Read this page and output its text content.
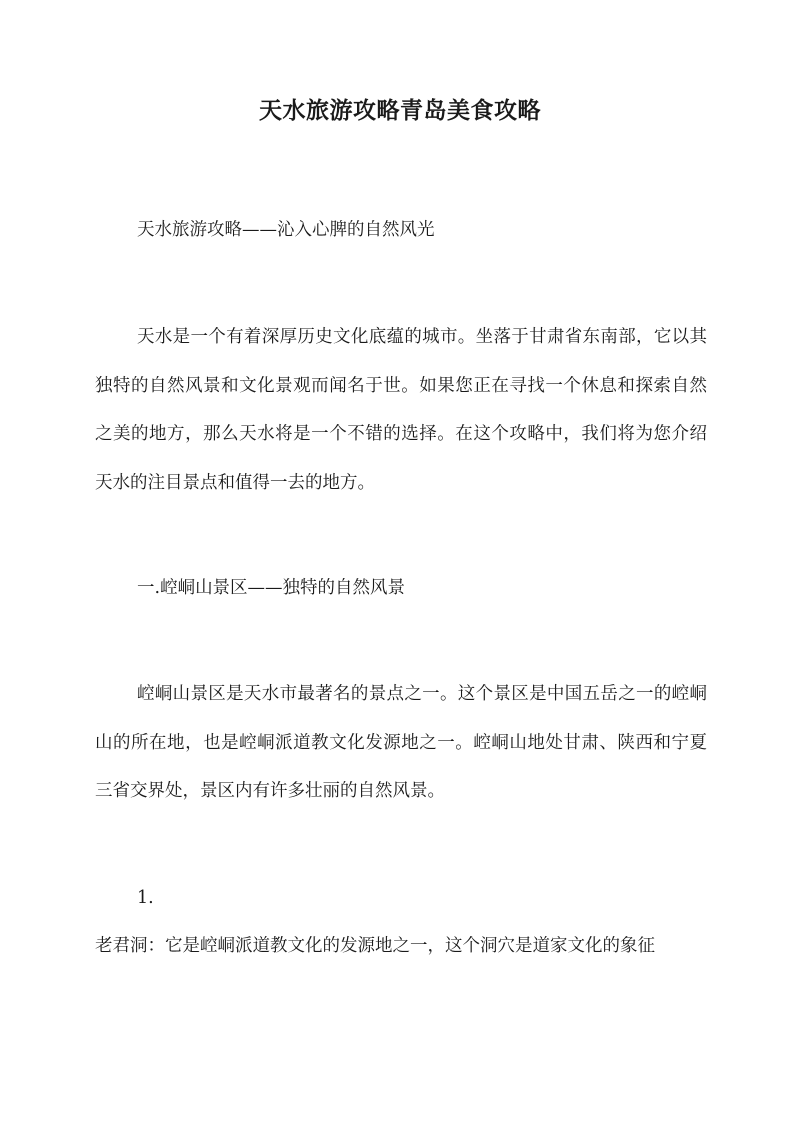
天水旅游攻略青岛美食攻略

天水旅游攻略——沁入心脾的自然风光

天水是一个有着深厚历史文化底蕴的城市。坐落于甘肃省东南部，它以其独特的自然风景和文化景观而闻名于世。如果您正在寻找一个休息和探索自然之美的地方，那么天水将是一个不错的选择。在这个攻略中，我们将为您介绍天水的注目景点和值得一去的地方。

一.崆峒山景区——独特的自然风景

崆峒山景区是天水市最著名的景点之一。这个景区是中国五岳之一的崆峒山的所在地，也是崆峒派道教文化发源地之一。崆峒山地处甘肃、陕西和宁夏三省交界处，景区内有许多壮丽的自然风景。

1.

老君洞：它是崆峒派道教文化的发源地之一，这个洞穴是道家文化的象征
